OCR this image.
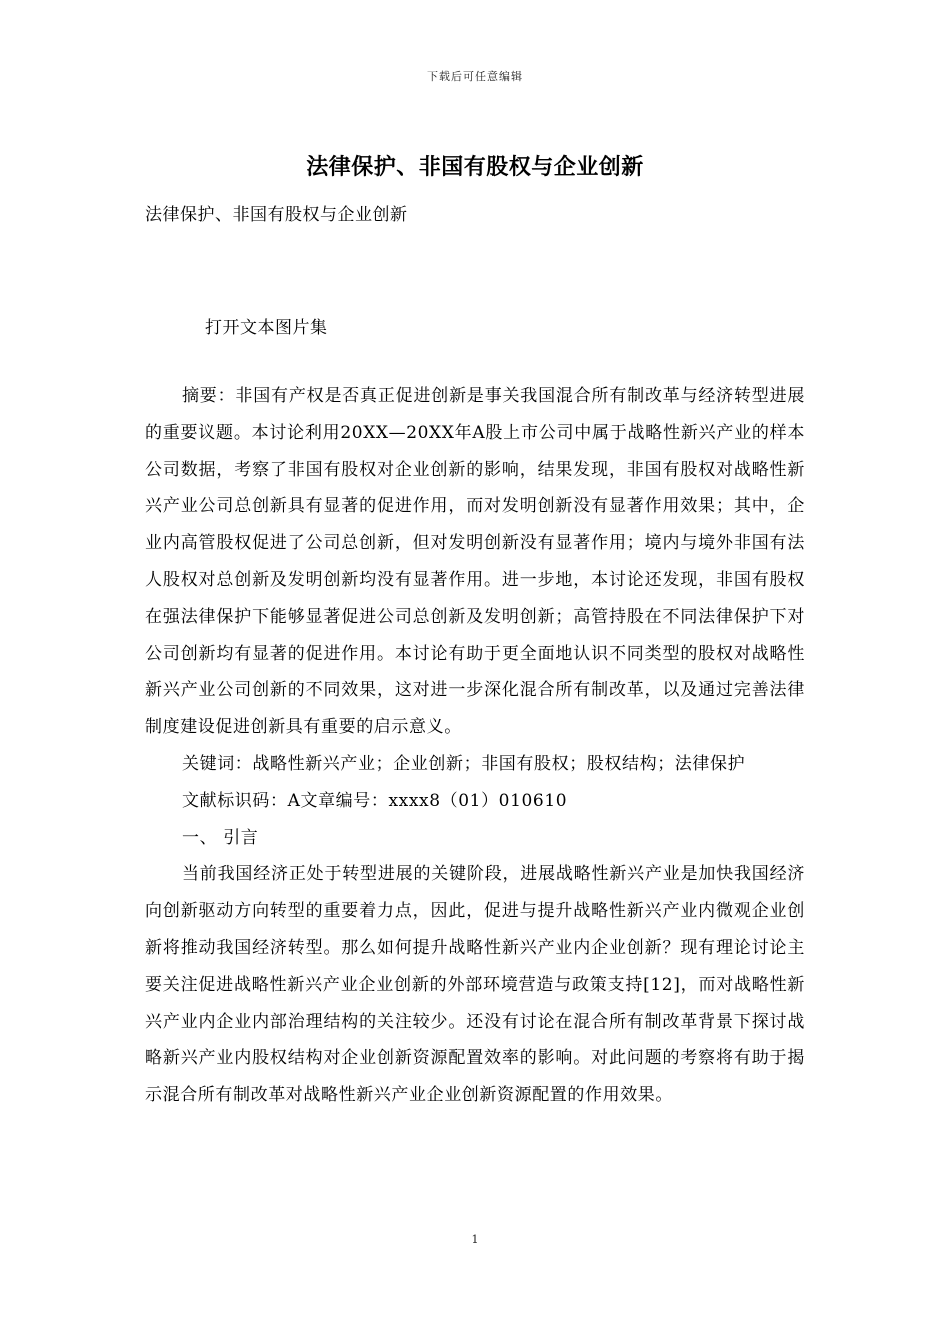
下载后可任意编辑
法律保护、非国有股权与企业创新
法律保护、非国有股权与企业创新
打开文本图片集

摘要：非国有产权是否真正促进创新是事关我国混合所有制改革与经济转型进展的重要议题。本讨论利用20XX—20XX年A股上市公司中属于战略性新兴产业的样本公司数据，考察了非国有股权对企业创新的影响，结果发现，非国有股权对战略性新兴产业公司总创新具有显著的促进作用，而对发明创新没有显著作用效果；其中，企业内高管股权促进了公司总创新，但对发明创新没有显著作用；境内与境外非国有法人股权对总创新及发明创新均没有显著作用。进一步地，本讨论还发现，非国有股权在强法律保护下能够显著促进公司总创新及发明创新；高管持股在不同法律保护下对公司创新均有显著的促进作用。本讨论有助于更全面地认识不同类型的股权对战略性新兴产业公司创新的不同效果，这对进一步深化混合所有制改革，以及通过完善法律制度建设促进创新具有重要的启示意义。

关键词：战略性新兴产业；企业创新；非国有股权；股权结构；法律保护

文献标识码：A文章编号：xxxx8（01）010610

一、 引言

当前我国经济正处于转型进展的关键阶段，进展战略性新兴产业是加快我国经济向创新驱动方向转型的重要着力点，因此，促进与提升战略性新兴产业内微观企业创新将推动我国经济转型。那么如何提升战略性新兴产业内企业创新？现有理论讨论主要关注促进战略性新兴产业企业创新的外部环境营造与政策支持[12]，而对战略性新兴产业内企业内部治理结构的关注较少。还没有讨论在混合所有制改革背景下探讨战略新兴产业内股权结构对企业创新资源配置效率的影响。对此问题的考察将有助于揭示混合所有制改革对战略性新兴产业企业创新资源配置的作用效果。

1
